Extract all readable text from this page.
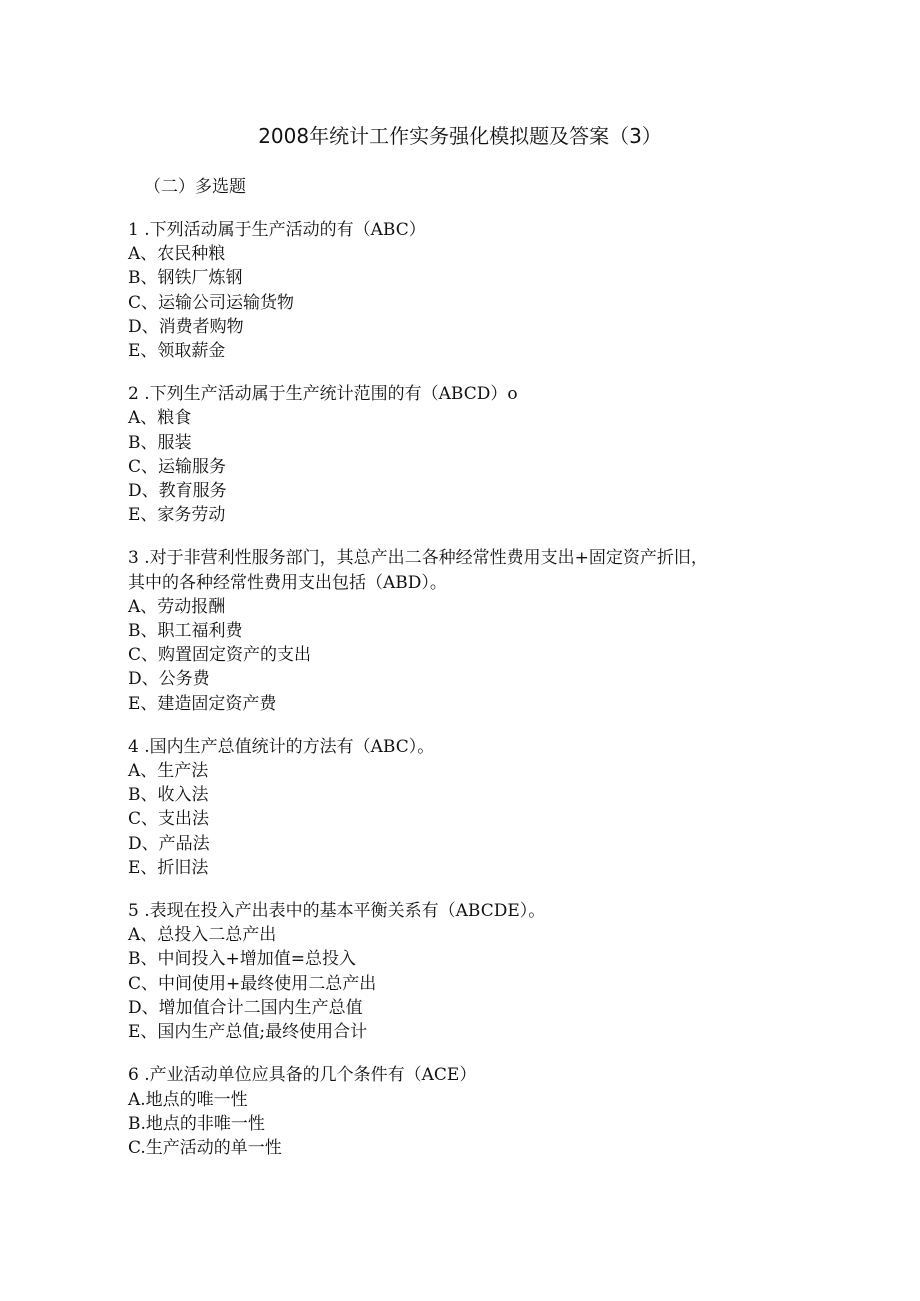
2008年统计工作实务强化模拟题及答案（3）
（二）多选题
1 .下列活动属于生产活动的有（ABC）
A、农民种粮
B、钢铁厂炼钢
C、运输公司运输货物
D、消费者购物
E、领取薪金
2 .下列生产活动属于生产统计范围的有（ABCD）o
A、粮食
B、服装
C、运输服务
D、教育服务
E、家务劳动
3 .对于非营利性服务部门，其总产出二各种经常性费用支出+固定资产折旧，
其中的各种经常性费用支出包括（ABD）。
A、劳动报酬
B、职工福利费
C、购置固定资产的支出
D、公务费
E、建造固定资产费
4 .国内生产总值统计的方法有（ABC）。
A、生产法
B、收入法
C、支出法
D、产品法
E、折旧法
5 .表现在投入产出表中的基本平衡关系有（ABCDE）。
A、总投入二总产出
B、中间投入+增加值=总投入
C、中间使用+最终使用二总产出
D、增加值合计二国内生产总值
E、国内生产总值;最终使用合计
6 .产业活动单位应具备的几个条件有（ACE）
A.地点的唯一性
B.地点的非唯一性
C.生产活动的单一性
